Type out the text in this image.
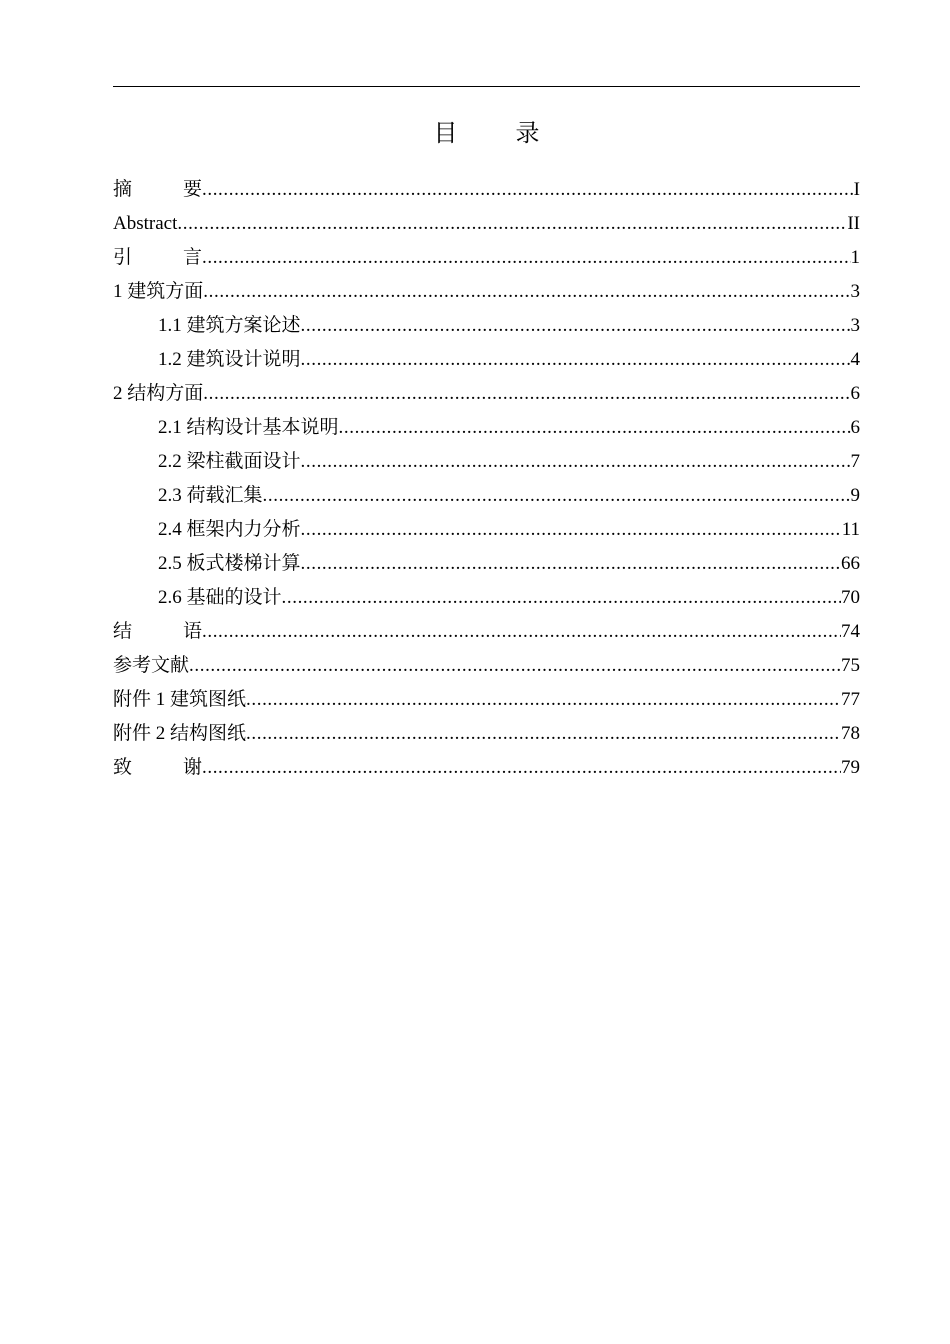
目 录
摘	要 .....	I
Abstract .....	II
引	言 .....	1
1 建筑方面 .....	3
1.1 建筑方案论述 .....	3
1.2 建筑设计说明 .....	4
2 结构方面 .....	6
2.1 结构设计基本说明 .....	6
2.2 梁柱截面设计 .....	7
2.3 荷载汇集 .....	9
2.4 框架内力分析 .....	11
2.5 板式楼梯计算 .....	66
2.6 基础的设计 .....	70
结	语 .....	74
参考文献 .....	75
附件 1 建筑图纸 .....	77
附件 2 结构图纸 .....	78
致	谢 .....	79
